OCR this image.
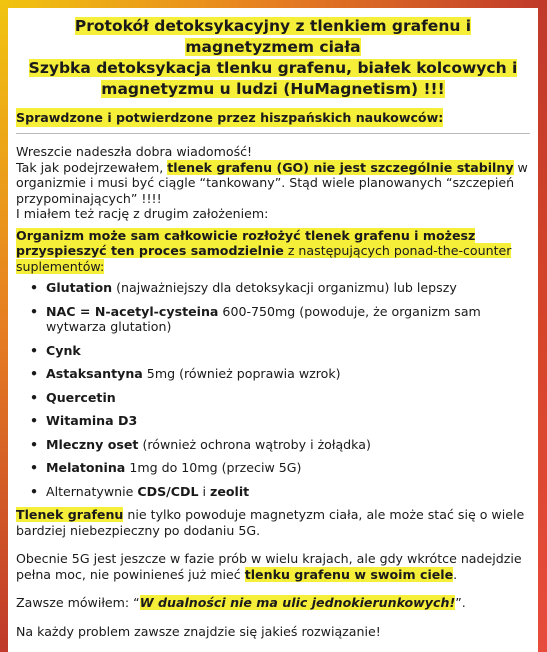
Protokół detoksykacyjny z tlenkiem grafenu i
magnetyzmem ciała
Szybka detoksykacja tlenku grafenu, białek kolcowych i
magnetyzmu u ludzi (HuMagnetism) !!!
Sprawdzone i potwierdzone przez hiszpańskich naukowców:

Wreszcie nadeszła dobra wiadomość!

Tak jak podejrzewałem, tlenek grafenu (GO) nie jest szczególnie stabilny w organizmie i musi być ciągle “tankowany”. Stąd wiele planowanych “szczepień przypominających” !!!!

I miałem też rację z drugim założeniem:

Organizm może sam całkowicie rozłożyć tlenek grafenu i możesz przyspieszyć ten proces samodzielnie z następujących ponad-the-counter suplementów:

• Glutation (najważniejszy dla detoksykacji organizmu) lub lepszy
• NAC = N-acetyl-cysteina 600-750mg (powoduje, że organizm sam wytwarza glutation)
• Cynk
• Astaksantyna 5mg (również poprawia wzrok)
• Quercetin
• Witamina D3
• Mleczny oset (również ochrona wątroby i żołądka)
• Melatonina 1mg do 10mg (przeciw 5G)
• Alternatywnie CDS/CDL i zeolit

Tlenek grafenu nie tylko powoduje magnetyzm ciała, ale może stać się o wiele bardziej niebezpieczny po dodaniu 5G.

Obecnie 5G jest jeszcze w fazie prób w wielu krajach, ale gdy wkrótce nadejdzie pełna moc, nie powinieneś już mieć tlenku grafenu w swoim ciele.

Zawsze mówiłem: “W dualności nie ma ulic jednokierunkowych!”.

Na każdy problem zawsze znajdzie się jakieś rozwiązanie!
